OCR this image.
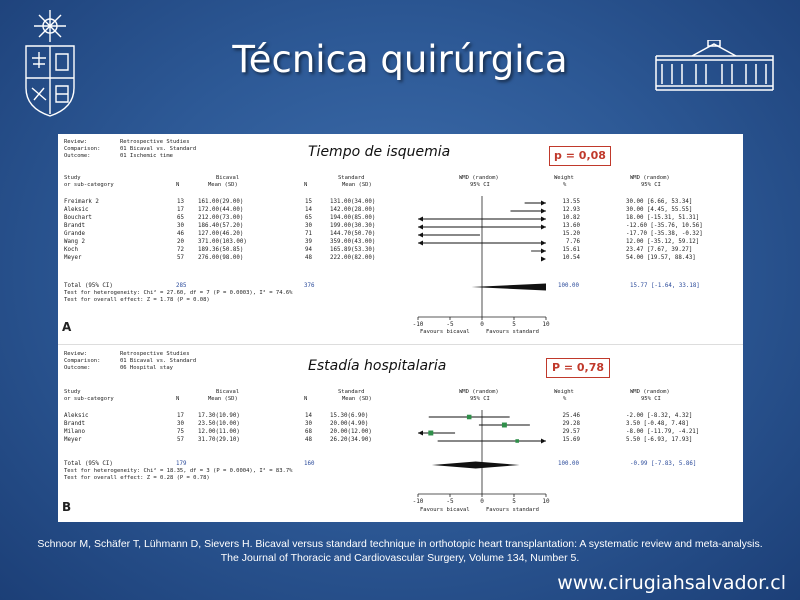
Técnica quirúrgica
Review:	Retrospective Studies
Comparison:	01 Bicaval vs. Standard
Outcome:	01 Ischemic time	Tiempo de isquemia	p = 0,08
Study
or sub-category
Bicaval
N	Mean (SD)
Standard
N	Mean (SD)
WMD (random)
95% CI
Weight
%
WMD (random)
95% CI
Freimark 2	13 161.00(29.00)	15	131.00(34.00)	13.55	30.00 [6.66, 53.34]
Aleksic	17 172.00(44.00)	14	142.00(28.00)	12.93	30.00 [4.45, 55.55]
Bouchart	65 212.00(73.00)	65	194.00(85.00)	10.82	18.00 [-15.31, 51.31]
Brandt	30 186.40(57.20)	30	199.00(30.30)	13.60	-12.60 [-35.76, 10.56]
Grande	46 127.00(46.20)	71	144.70(50.70)	15.20	-17.70 [-35.38, -0.32]
Wang 2	20 371.00(103.00)	39	359.00(43.00)	7.76	12.00 [-35.12, 59.12]
Koch	72 189.36(50.85)	94	165.89(53.30)	15.61	23.47 [7.67, 39.27]
Meyer	57 276.00(98.00)	48	222.00(82.00)	10.54	54.00 [19.57, 88.43]
Total (95% CI)	285	376	100.00	15.77 [-1.64, 33.18]
Test for heterogeneity: Chi² = 27.60, df = 7 (P = 0.0003), I² = 74.6%
Test for overall effect: Z = 1.78 (P = 0.08)
A	Favours bicaval	Favours standard
-10	-5	0	5	10
Review:	Retrospective Studies
Comparison:	01 Bicaval vs. Standard
Outcome:	06 Hospital stay	Estadía hospitalaria	P = 0,78
Study
or sub-category
Bicaval
N	Mean (SD)
Standard
N	Mean (SD)
WMD (random)
95% CI
Weight
%
WMD (random)
95% CI
Aleksic	17 17.30(10.90)	14	15.30(6.90)	25.46	-2.00 [-8.32, 4.32]
Brandt	30 23.50(10.00)	30	20.00(4.90)	29.28	3.50 [-0.48, 7.48]
Milano	75 12.00(11.00)	68	20.00(12.00)	29.57	-8.00 [-11.79, -4.21]
Meyer	57 31.70(29.10)	48	26.20(34.90)	15.69	5.50 [-6.93, 17.93]
Total (95% CI)	179	160	100.00	-0.99 [-7.83, 5.86]
Test for heterogeneity: Chi² = 18.35, df = 3 (P = 0.0004), I² = 83.7%
Test for overall effect: Z = 0.28 (P = 0.78)
B	Favours bicaval	Favours standard
-10	-5	0	5	10
Schnoor M, Schäfer T, Lühmann D, Sievers H. Bicaval versus standard technique in orthotopic heart transplantation: A systematic review and meta-analysis.
The Journal of Thoracic and Cardiovascular Surgery, Volume 134, Number 5.
www.cirugiahsalvador.cl
